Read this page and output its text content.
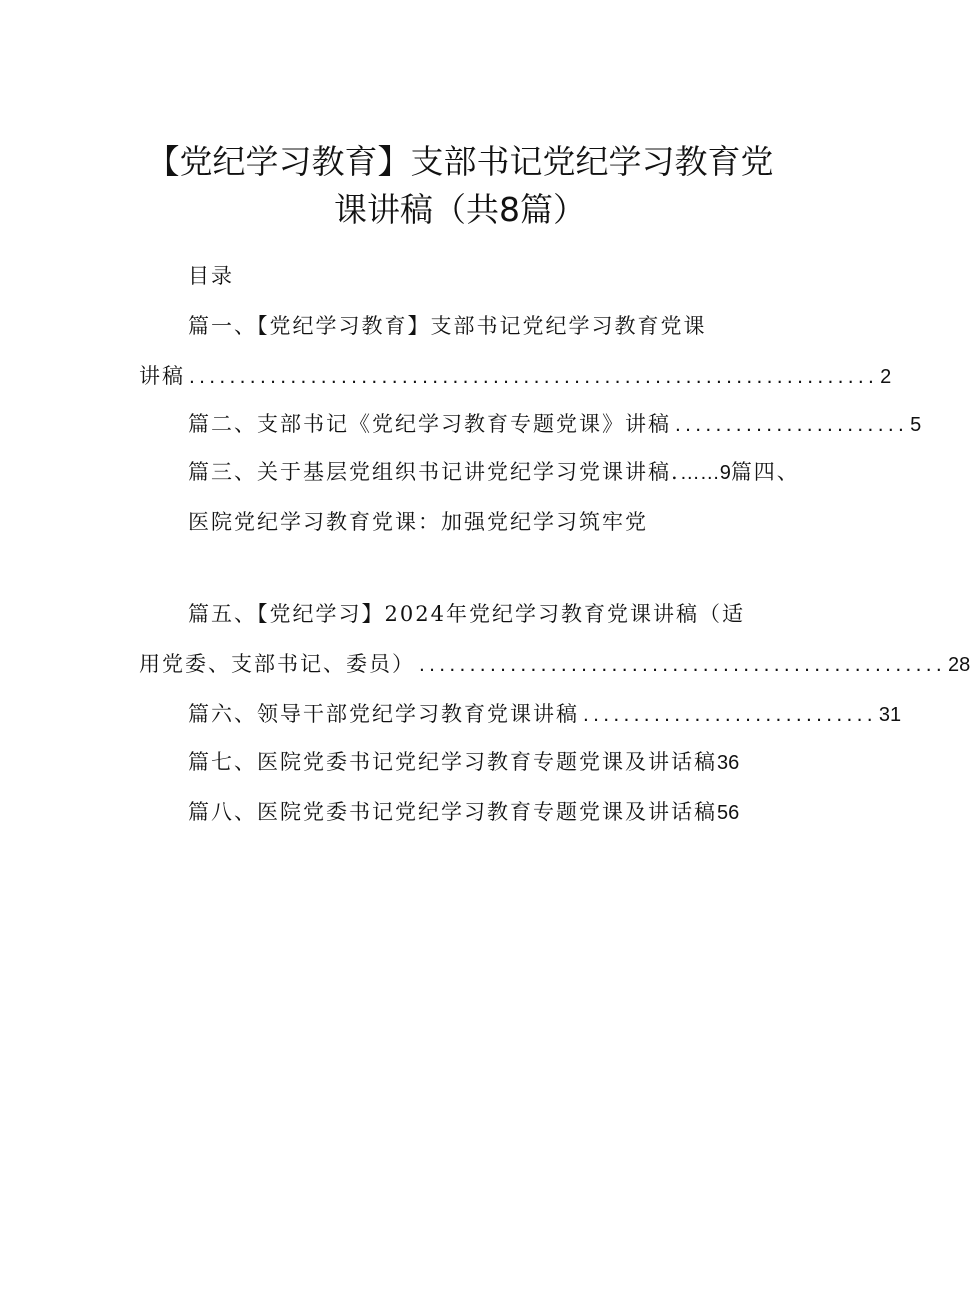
【党纪学习教育】支部书记党纪学习教育党
课讲稿（共8篇）
目录
篇一、【党纪学习教育】支部书记党纪学习教育党课
讲稿 .................................................................... 2
篇二、支部书记《党纪学习教育专题党课》讲稿 ....................... 5
篇三、关于基层党组织书记讲党纪学习党课讲稿.……9篇四、
医院党纪学习教育党课：加强党纪学习筑牢党
篇五、【党纪学习】2024年党纪学习教育党课讲稿（适
用党委、支部书记、委员） .................................................... 28
篇六、领导干部党纪学习教育党课讲稿 ............................. 31
篇七、医院党委书记党纪学习教育专题党课及讲话稿36
篇八、医院党委书记党纪学习教育专题党课及讲话稿56
